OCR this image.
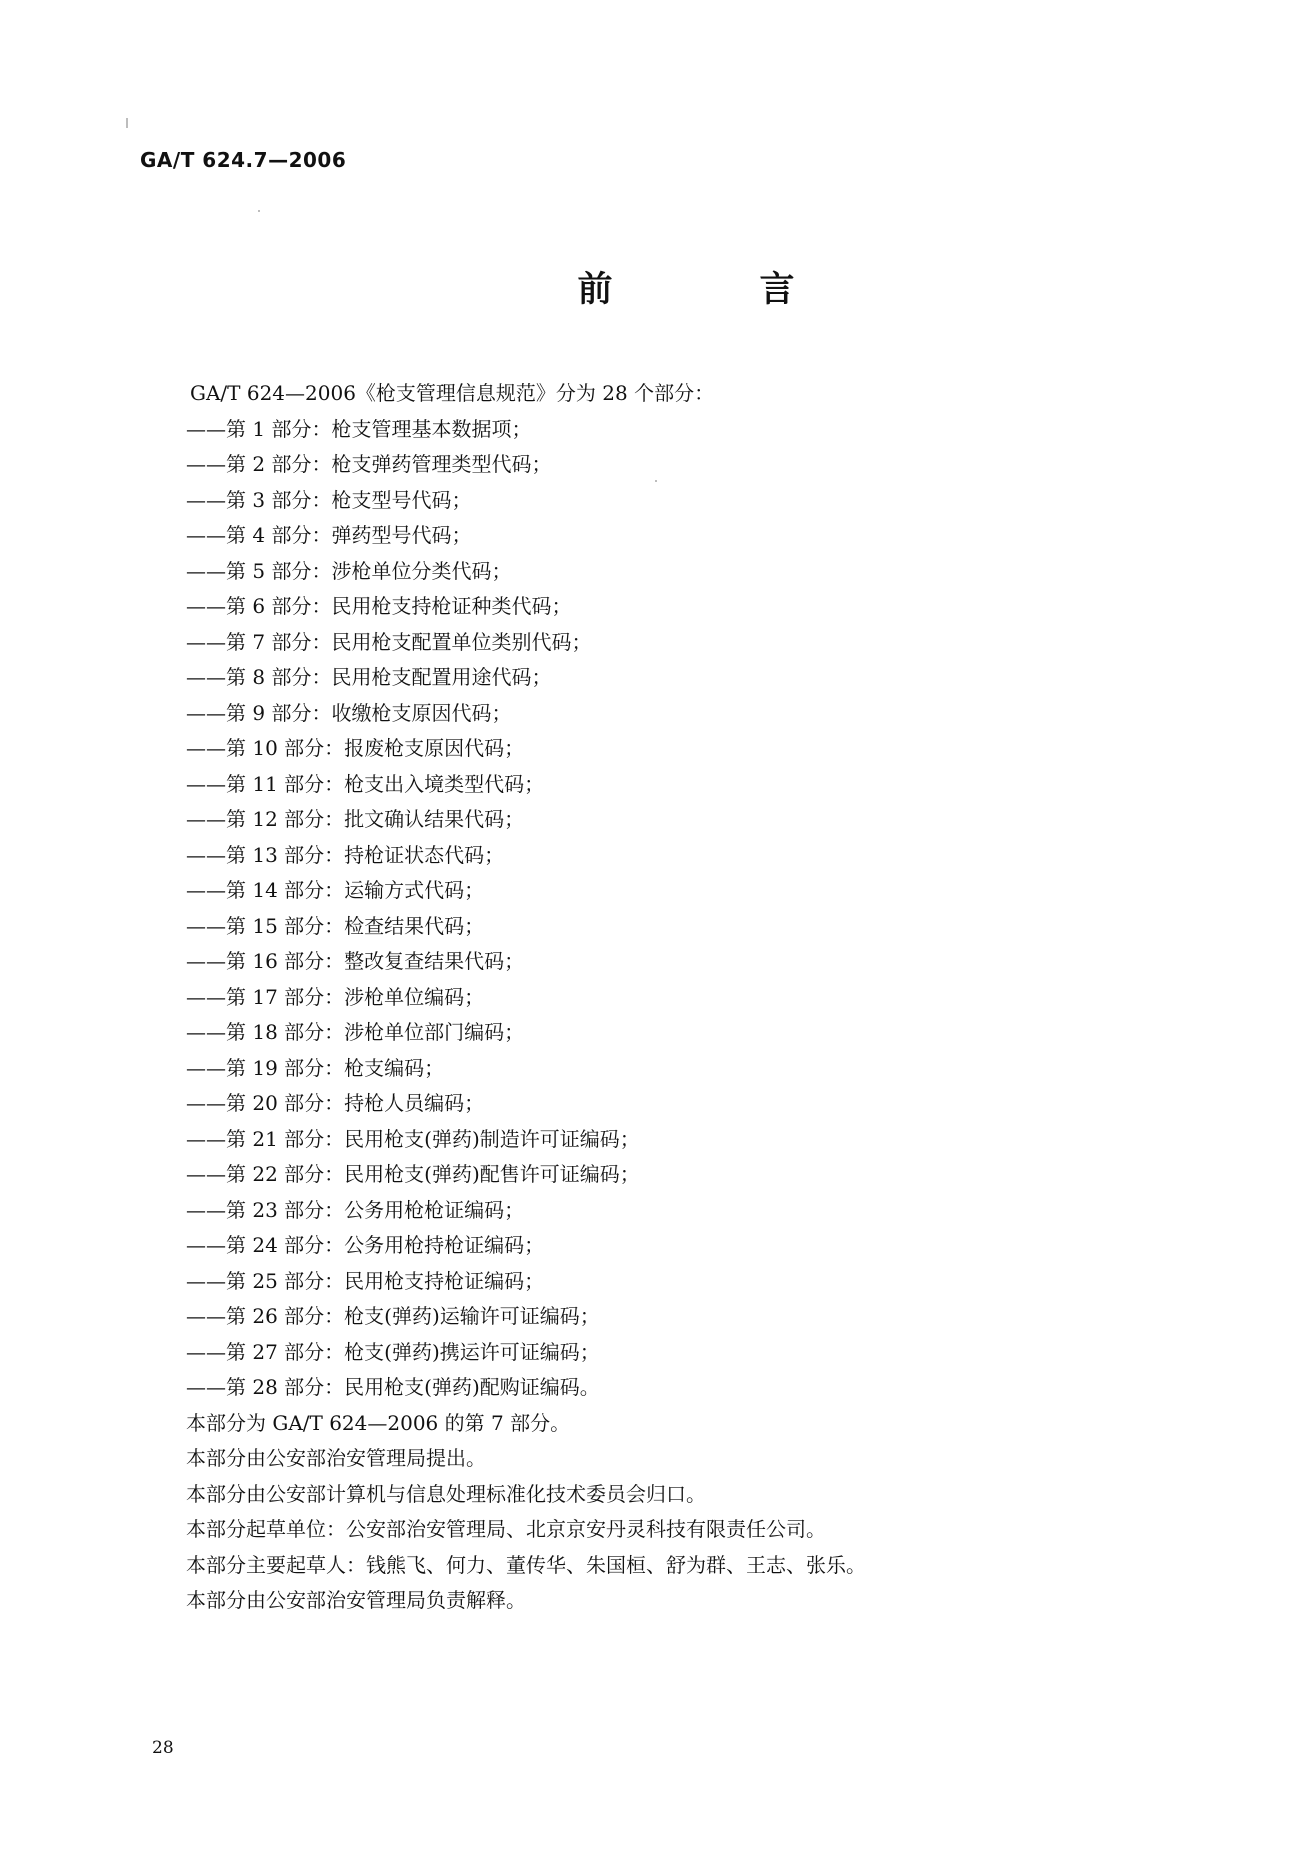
GA/T 624.7—2006
前　言
GA/T 624—2006《枪支管理信息规范》分为 28 个部分：
——第 1 部分：枪支管理基本数据项；
——第 2 部分：枪支弹药管理类型代码；
——第 3 部分：枪支型号代码；
——第 4 部分：弹药型号代码；
——第 5 部分：涉枪单位分类代码；
——第 6 部分：民用枪支持枪证种类代码；
——第 7 部分：民用枪支配置单位类别代码；
——第 8 部分：民用枪支配置用途代码；
——第 9 部分：收缴枪支原因代码；
——第 10 部分：报废枪支原因代码；
——第 11 部分：枪支出入境类型代码；
——第 12 部分：批文确认结果代码；
——第 13 部分：持枪证状态代码；
——第 14 部分：运输方式代码；
——第 15 部分：检查结果代码；
——第 16 部分：整改复查结果代码；
——第 17 部分：涉枪单位编码；
——第 18 部分：涉枪单位部门编码；
——第 19 部分：枪支编码；
——第 20 部分：持枪人员编码；
——第 21 部分：民用枪支(弹药)制造许可证编码；
——第 22 部分：民用枪支(弹药)配售许可证编码；
——第 23 部分：公务用枪枪证编码；
——第 24 部分：公务用枪持枪证编码；
——第 25 部分：民用枪支持枪证编码；
——第 26 部分：枪支(弹药)运输许可证编码；
——第 27 部分：枪支(弹药)携运许可证编码；
——第 28 部分：民用枪支(弹药)配购证编码。
本部分为 GA/T 624—2006 的第 7 部分。
本部分由公安部治安管理局提出。
本部分由公安部计算机与信息处理标准化技术委员会归口。
本部分起草单位：公安部治安管理局、北京京安丹灵科技有限责任公司。
本部分主要起草人：钱熊飞、何力、董传华、朱国桓、舒为群、王志、张乐。
本部分由公安部治安管理局负责解释。
28
